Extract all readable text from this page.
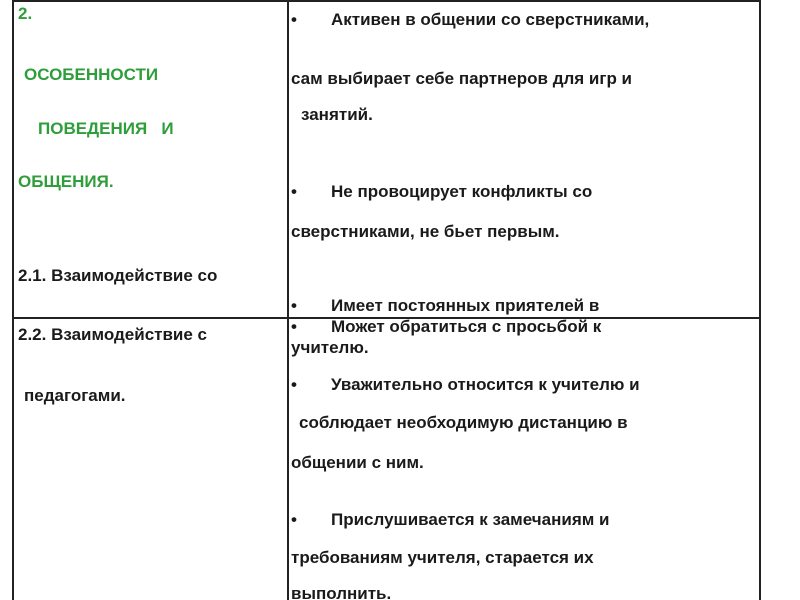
2.
ОСОБЕННОСТИ
ПОВЕДЕНИЯ   И
ОБЩЕНИЯ.
2.1. Взаимодействие со
• Активен в общении со сверстниками,
сам выбирает себе партнеров для игр и
занятий.
• Не провоцирует конфликты со
сверстниками, не бьет первым.
• Имеет постоянных приятелей в
2.2. Взаимодействие с
педагогами.
• Может обратиться с просьбой к
учителю.
• Уважительно относится к учителю и
соблюдает необходимую дистанцию в
общении с ним.
• Прислушивается к замечаниям и
требованиям учителя, старается их
выполнить.
